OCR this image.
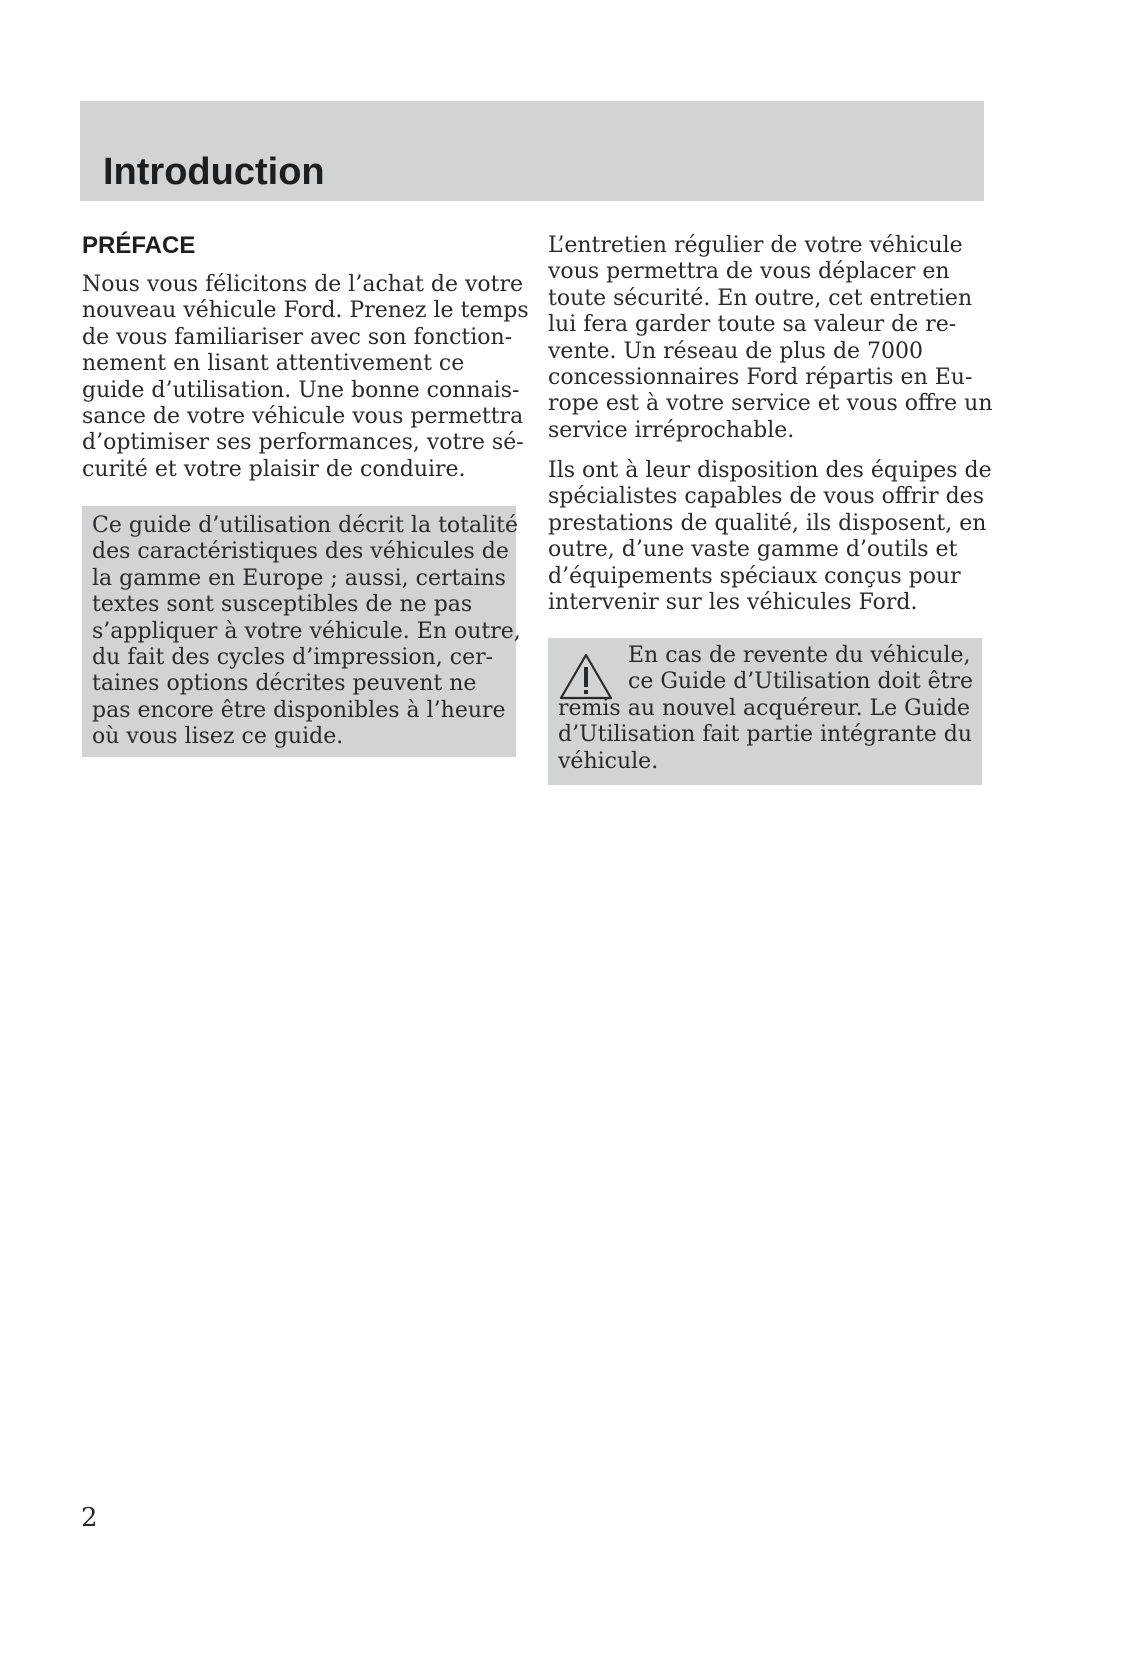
Introduction
PRÉFACE
Nous vous félicitons de l’achat de votre
nouveau véhicule Ford. Prenez le temps
de vous familiariser avec son fonction-
nement en lisant attentivement ce
guide d’utilisation. Une bonne connais-
sance de votre véhicule vous permettra
d’optimiser ses performances, votre sé-
curité et votre plaisir de conduire.
Ce guide d’utilisation décrit la totalité
des caractéristiques des véhicules de
la gamme en Europe ; aussi, certains
textes sont susceptibles de ne pas
s’appliquer à votre véhicule. En outre,
du fait des cycles d’impression, cer-
taines options décrites peuvent ne
pas encore être disponibles à l’heure
où vous lisez ce guide.
L’entretien régulier de votre véhicule
vous permettra de vous déplacer en
toute sécurité. En outre, cet entretien
lui fera garder toute sa valeur de re-
vente. Un réseau de plus de 7000
concessionnaires Ford répartis en Eu-
rope est à votre service et vous offre un
service irréprochable.
Ils ont à leur disposition des équipes de
spécialistes capables de vous offrir des
prestations de qualité, ils disposent, en
outre, d’une vaste gamme d’outils et
d’équipements spéciaux conçus pour
intervenir sur les véhicules Ford.
En cas de revente du véhicule,
ce Guide d’Utilisation doit être
remis au nouvel acquéreur. Le Guide
d’Utilisation fait partie intégrante du
véhicule.

2
